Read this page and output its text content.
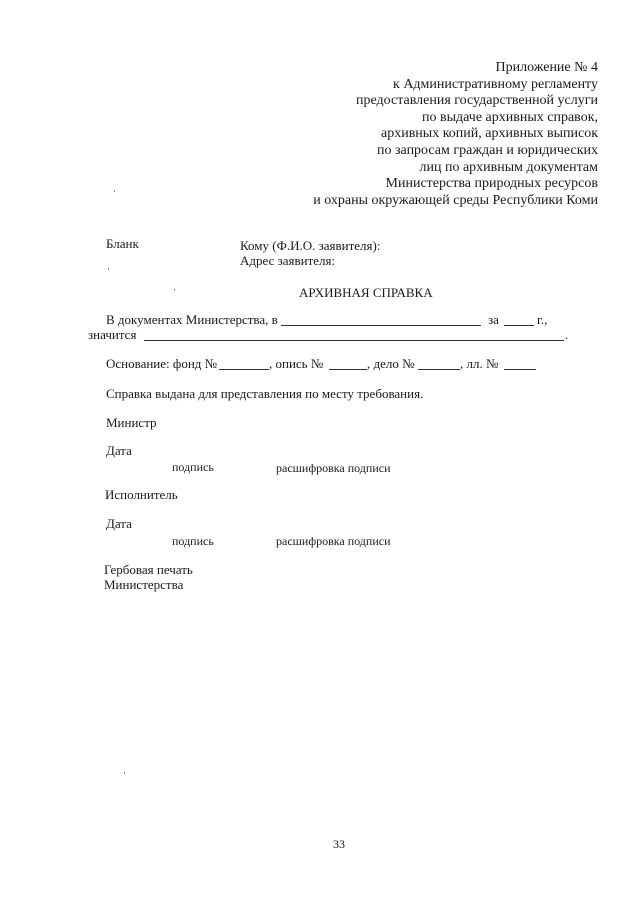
Приложение № 4
к Административному регламенту
предоставления государственной услуги
по выдаче архивных справок,
архивных копий, архивных выписок
по запросам граждан и юридических
лиц по архивным документам
Министерства природных ресурсов
и охраны окружающей среды Республики Коми
Бланк	Кому (Ф.И.О. заявителя):
Адрес заявителя:
АРХИВНАЯ СПРАВКА
В документах Министерства, в	за	г.,
значится	.
Основание: фонд №	, опись №	, дело №	, лл. №
Справка выдана для представления по месту требования.
Министр
Дата
подпись	расшифровка подписи
Исполнитель
Дата
подпись	расшифровка подписи
Гербовая печать
Министерства
33
